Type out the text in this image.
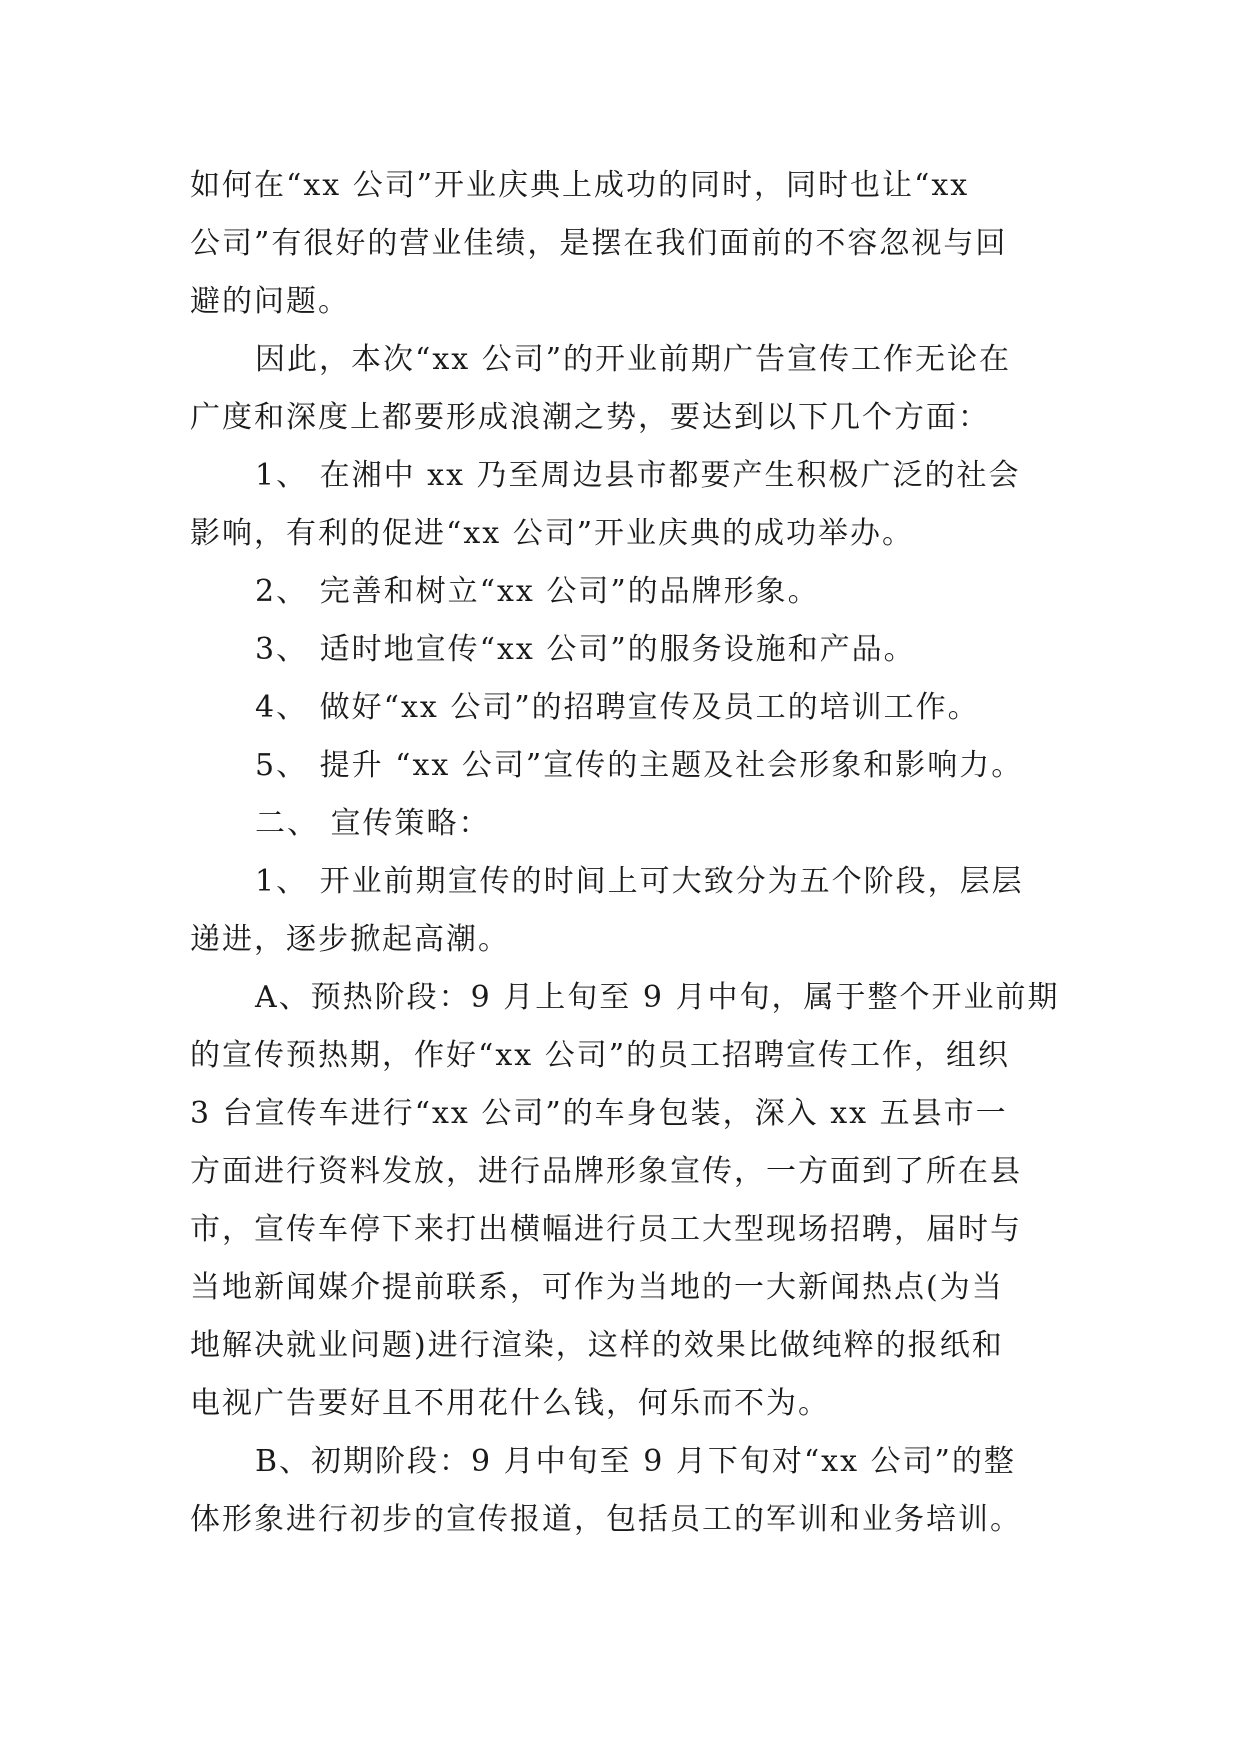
如何在“xx 公司”开业庆典上成功的同时，同时也让“xx
公司”有很好的营业佳绩，是摆在我们面前的不容忽视与回
避的问题。
因此，本次“xx 公司”的开业前期广告宣传工作无论在
广度和深度上都要形成浪潮之势，要达到以下几个方面：
1、 在湘中 xx 乃至周边县市都要产生积极广泛的社会
影响，有利的促进“xx 公司”开业庆典的成功举办。
2、 完善和树立“xx 公司”的品牌形象。
3、 适时地宣传“xx 公司”的服务设施和产品。
4、 做好“xx 公司”的招聘宣传及员工的培训工作。
5、 提升 “xx 公司”宣传的主题及社会形象和影响力。
二、 宣传策略：
1、 开业前期宣传的时间上可大致分为五个阶段，层层
递进，逐步掀起高潮。
A、预热阶段：9 月上旬至 9 月中旬，属于整个开业前期
的宣传预热期，作好“xx 公司”的员工招聘宣传工作，组织
3 台宣传车进行“xx 公司”的车身包装，深入 xx 五县市一
方面进行资料发放，进行品牌形象宣传，一方面到了所在县
市，宣传车停下来打出横幅进行员工大型现场招聘，届时与
当地新闻媒介提前联系，可作为当地的一大新闻热点(为当
地解决就业问题)进行渲染，这样的效果比做纯粹的报纸和
电视广告要好且不用花什么钱，何乐而不为。
B、初期阶段：9 月中旬至 9 月下旬对“xx 公司”的整
体形象进行初步的宣传报道，包括员工的军训和业务培训。
